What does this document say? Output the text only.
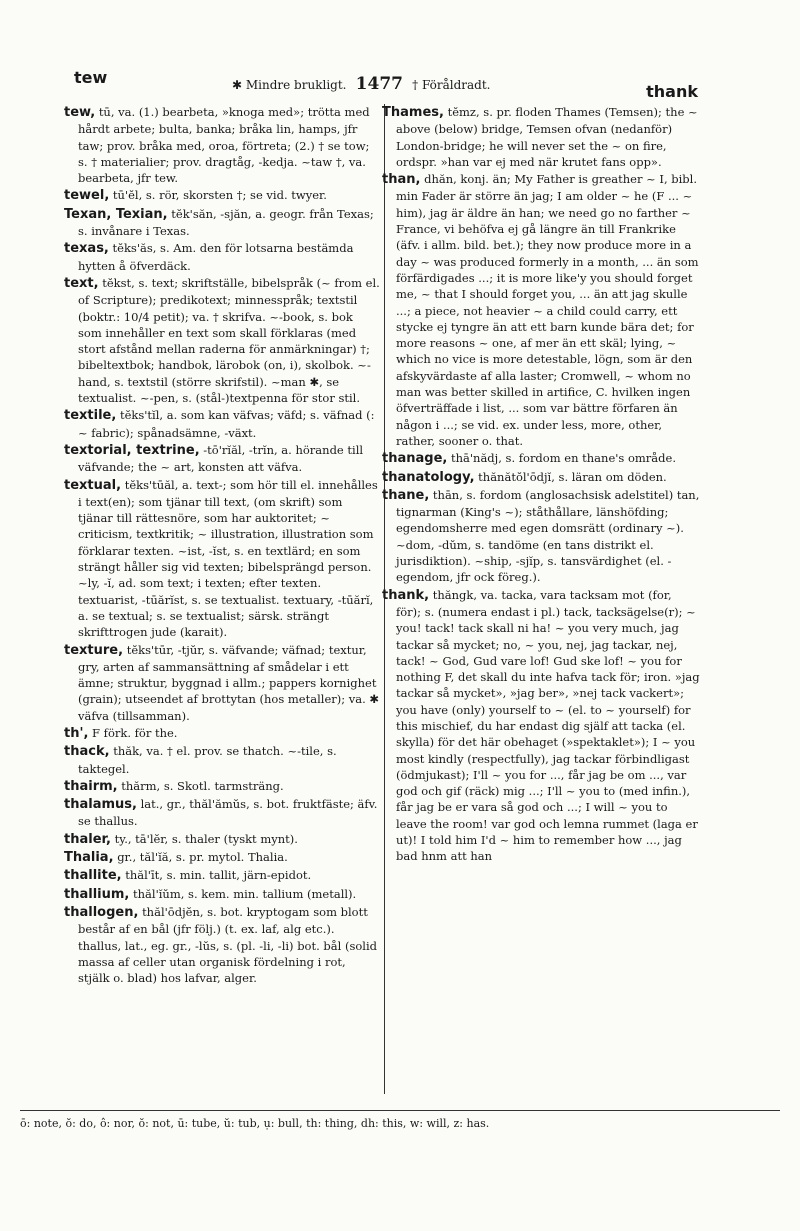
tew	✱ Mindre brukligt. 1477 † Föråldradt.	thank
tew, tū, va. (1.) bearbeta, »knoga med»; trötta med hårdt arbete; bulta, banka; bråka lin, hamps, jfr taw; prov. bråka med, oroa, förtreta; (2.) † se tow; s. † materialier; prov. dragtåg, -kedja. ~taw †, va. bearbeta, jfr tew.
tewel, tū'ĕl, s. rör, skorsten †; se vid. twyer.
Texan, Texian, tĕk'săn, -sjăn, a. geogr. från Texas; s. invånare i Texas.
texas, tĕks'ăs, s. Am. den för lotsarna bestämda hytten å öfverdäck.
text, tĕkst, s. text; skriftställe, bibelspråk (~ from el. of Scripture); predikotext; minnesspråk; textstil (boktr.: 10/4 petit); va. † skrifva. ~-book, s. bok som innehåller en text som skall förklaras (med stort afstånd mellan raderna för anmärkningar) †; bibeltextbok; handbok, lärobok (on, i), skolbok. ~-hand, s. textstil (större skrifstil). ~man ✱, se textualist. ~-pen, s. (stål-)textpenna för stor stil.
textile, tĕks'tĭl, a. som kan väfvas; väfd; s. väfnad (: ~ fabric); spånadsämne, -växt.
textorial, textrine, -tō'rĭăl, -trĭn, a. hörande till väfvande; the ~ art, konsten att väfva.
textual, tĕks'tūăl, a. text-; som hör till el. innehålles i text(en); som tjänar till text, (om skrift) som tjänar till rättesnöre, som har auktoritet; ~ criticism, textkritik; ~ illustration, illustration som förklarar texten. ~ist, -ĭst, s. en textlärd; en som strängt håller sig vid texten; bibelsprängd person. ~ly, -ĭ, ad. som text; i texten; efter texten. textuarist, -tūărĭst, s. se textualist. textuary, -tūărĭ, a. se textual; s. se textualist; särsk. strängt skrifttrogen jude (karait).
texture, tĕks'tūr, -tjŭr, s. väfvande; väfnad; textur, gry, arten af sammansättning af smådelar i ett ämne; struktur, byggnad i allm.; pappers kornighet (grain); utseendet af brottytan (hos metaller); va. ✱ väfva (tillsamman).
th', F förk. för the.
thack, thăk, va. † el. prov. se thatch. ~-tile, s. taktegel.
thairm, thărm, s. Skotl. tarmsträng.
thalamus, lat., gr., thăl'ămŭs, s. bot. fruktfäste; äfv. se thallus.
thaler, ty., tā'lĕr, s. thaler (tyskt mynt).
Thalia, gr., tăl'ĭă, s. pr. mytol. Thalia.
thallite, thăl'īt, s. min. tallit, järn-epidot.
thallium, thăl'ĭŭm, s. kem. min. tallium (metall).
thallogen, thăl'ōdjĕn, s. bot. kryptogam som blott består af en bål (jfr följ.) (t. ex. laf, alg etc.). thallus, lat., eg. gr., -lŭs, s. (pl. -li, -li) bot. bål (solid massa af celler utan organisk fördelning i rot, stjälk o. blad) hos lafvar, alger.
Thames, tĕmz, s. pr. floden Thames (Temsen); the ~ above (below) bridge, Temsen ofvan (nedanför) London-bridge; he will never set the ~ on fire, ordspr. »han var ej med när krutet fans opp».
than, dhăn, konj. än; My Father is greather ~ I, bibl. min Fader är större än jag; I am older ~ he (F ... ~ him), jag är äldre än han; we need go no farther ~ France, vi behöfva ej gå längre än till Frankrike (äfv. i allm. bild. bet.); they now produce more in a day ~ was produced formerly in a month, ... än som förfärdigades ...; it is more like'y you should forget me, ~ that I should forget you, ... än att jag skulle ...; a piece, not heavier ~ a child could carry, ett stycke ej tyngre än att ett barn kunde bära det; for more reasons ~ one, af mer än ett skäl; lying, ~ which no vice is more detestable, lögn, som är den afskyvärdaste af alla laster; Cromwell, ~ whom no man was better skilled in artifice, C. hvilken ingen öfverträffade i list, ... som var bättre förfaren än någon i ...; se vid. ex. under less, more, other, rather, sooner o. that.
thanage, thā'nădj, s. fordom en thane's område.
thanatology, thănătŏl'ōdjĭ, s. läran om döden.
thane, thān, s. fordom (anglosachsisk adelstitel) tan, tignarman (King's ~); ståthållare, länshöfding; egendomsherre med egen domsrätt (ordinary ~). ~dom, -dŭm, s. tandöme (en tans distrikt el. jurisdiktion). ~ship, -sjĭp, s. tansvärdighet (el. -egendom, jfr ock föreg.).
thank, thăngk, va. tacka, vara tacksam mot (for, för); s. (numera endast i pl.) tack, tacksägelse(r); ~ you! tack! tack skall ni ha! ~ you very much, jag tackar så mycket; no, ~ you, nej, jag tackar, nej, tack! ~ God, Gud vare lof! Gud ske lof! ~ you for nothing F, det skall du inte hafva tack för; iron. »jag tackar så mycket», »jag ber», »nej tack vackert»; you have (only) yourself to ~ (el. to ~ yourself) for this mischief, du har endast dig själf att tacka (el. skylla) för det här obehaget (»spektaklet»); I ~ you most kindly (respectfully), jag tackar förbindligast (ödmjukast); I'll ~ you for ..., får jag be om ..., var god och gif (räck) mig ...; I'll ~ you to (med infin.), får jag be er vara så god och ...; I will ~ you to leave the room! var god och lemna rummet (laga er ut)! I told him I'd ~ him to remember how ..., jag bad hnm att han
ō: note, ŏ: do, ô: nor, ŏ: not, ū: tube, ŭ: tub, ụ: bull, th: thing, dh: this, w: will, z: has.
